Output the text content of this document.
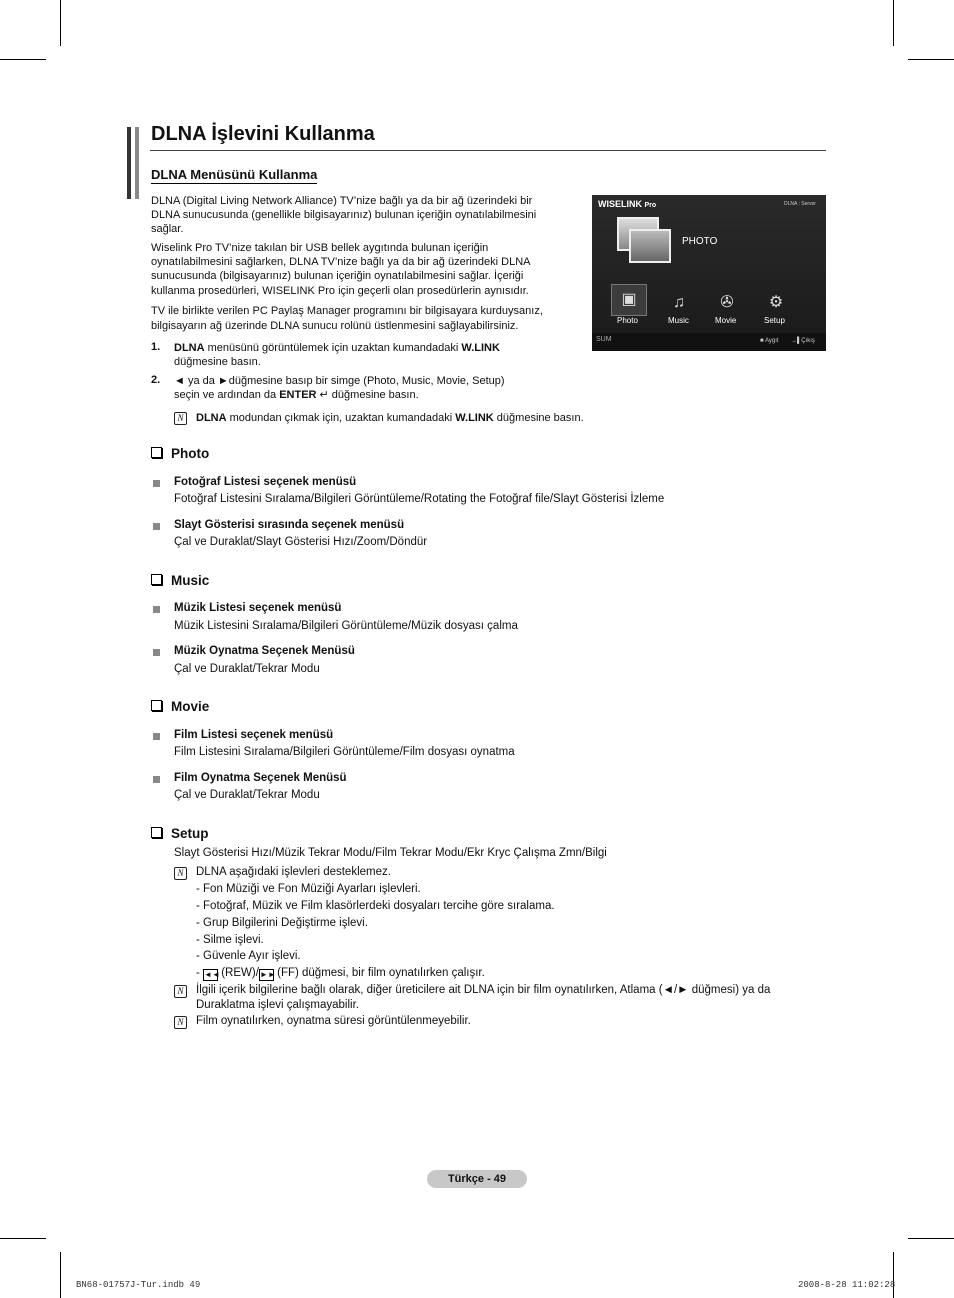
DLNA İşlevini Kullanma
DLNA Menüsünü Kullanma
DLNA (Digital Living Network Alliance) TV’nize bağlı ya da bir ağ üzerindeki bir
DLNA sunucusunda (genellikle bilgisayarınız) bulunan içeriğin oynatılabilmesini
sağlar.
Wiselink Pro TV’nize takılan bir USB bellek aygıtında bulunan içeriğin
oynatılabilmesini sağlarken, DLNA TV’nize bağlı ya da bir ağ üzerindeki DLNA
sunucusunda (bilgisayarınız) bulunan içeriğin oynatılabilmesini sağlar. İçeriği
kullanma prosedürleri, WISELINK Pro için geçerli olan prosedürlerin aynısıdır.
TV ile birlikte verilen PC Paylaş Manager programını bir bilgisayara kurduysanız,
bilgisayarın ağ üzerinde DLNA sunucu rolünü üstlenmesini sağlayabilirsiniz.
1. DLNA menüsünü görüntülemek için uzaktan kumandadaki W.LINK
düğmesine basın.
2. ◄ ya da ►düğmesine basıp bir simge (Photo, Music, Movie, Setup)
seçin ve ardından da ENTER ↵ düğmesine basın.
N	DLNA modundan çıkmak için, uzaktan kumandadaki W.LINK düğmesine basın.
WISELINK Pro	DLNA : Server
PHOTO
▣	♫	✇ ⚙
Photo	Music	Movie	Setup
SUM	■ Aygıt →▌Çıkış
Photo
Fotoğraf Listesi seçenek menüsü
Fotoğraf Listesini Sıralama/Bilgileri Görüntüleme/Rotating the Fotoğraf file/Slayt Gösterisi İzleme
Slayt Gösterisi sırasında seçenek menüsü
Çal ve Duraklat/Slayt Gösterisi Hızı/Zoom/Döndür
Music
Müzik Listesi seçenek menüsü
Müzik Listesini Sıralama/Bilgileri Görüntüleme/Müzik dosyası çalma
Müzik Oynatma Seçenek Menüsü
Çal ve Duraklat/Tekrar Modu
Movie
Film Listesi seçenek menüsü
Film Listesini Sıralama/Bilgileri Görüntüleme/Film dosyası oynatma
Film Oynatma Seçenek Menüsü
Çal ve Duraklat/Tekrar Modu
Setup
Slayt Gösterisi Hızı/Müzik Tekrar Modu/Film Tekrar Modu/Ekr Kryc Çalışma Zmn/Bilgi
N	DLNA aşağıdaki işlevleri desteklemez.
- Fon Müziği ve Fon Müziği Ayarları işlevleri.
- Fotoğraf, Müzik ve Film klasörlerdeki dosyaları tercihe göre sıralama.
- Grup Bilgilerini Değiştirme işlevi.
- Silme işlevi.
- Güvenle Ayır işlevi.
- ◄◄ (REW)/►► (FF) düğmesi, bir film oynatılırken çalışır.
N	İlgili içerik bilgilerine bağlı olarak, diğer üreticilere ait DLNA için bir film oynatılırken, Atlama (◄/► düğmesi) ya da
Duraklatma işlevi çalışmayabilir.
N	Film oynatılırken, oynatma süresi görüntülenmeyebilir.
Türkçe - 49
BN68-01757J-Tur.indb 49	2008-8-28 11:02:28
